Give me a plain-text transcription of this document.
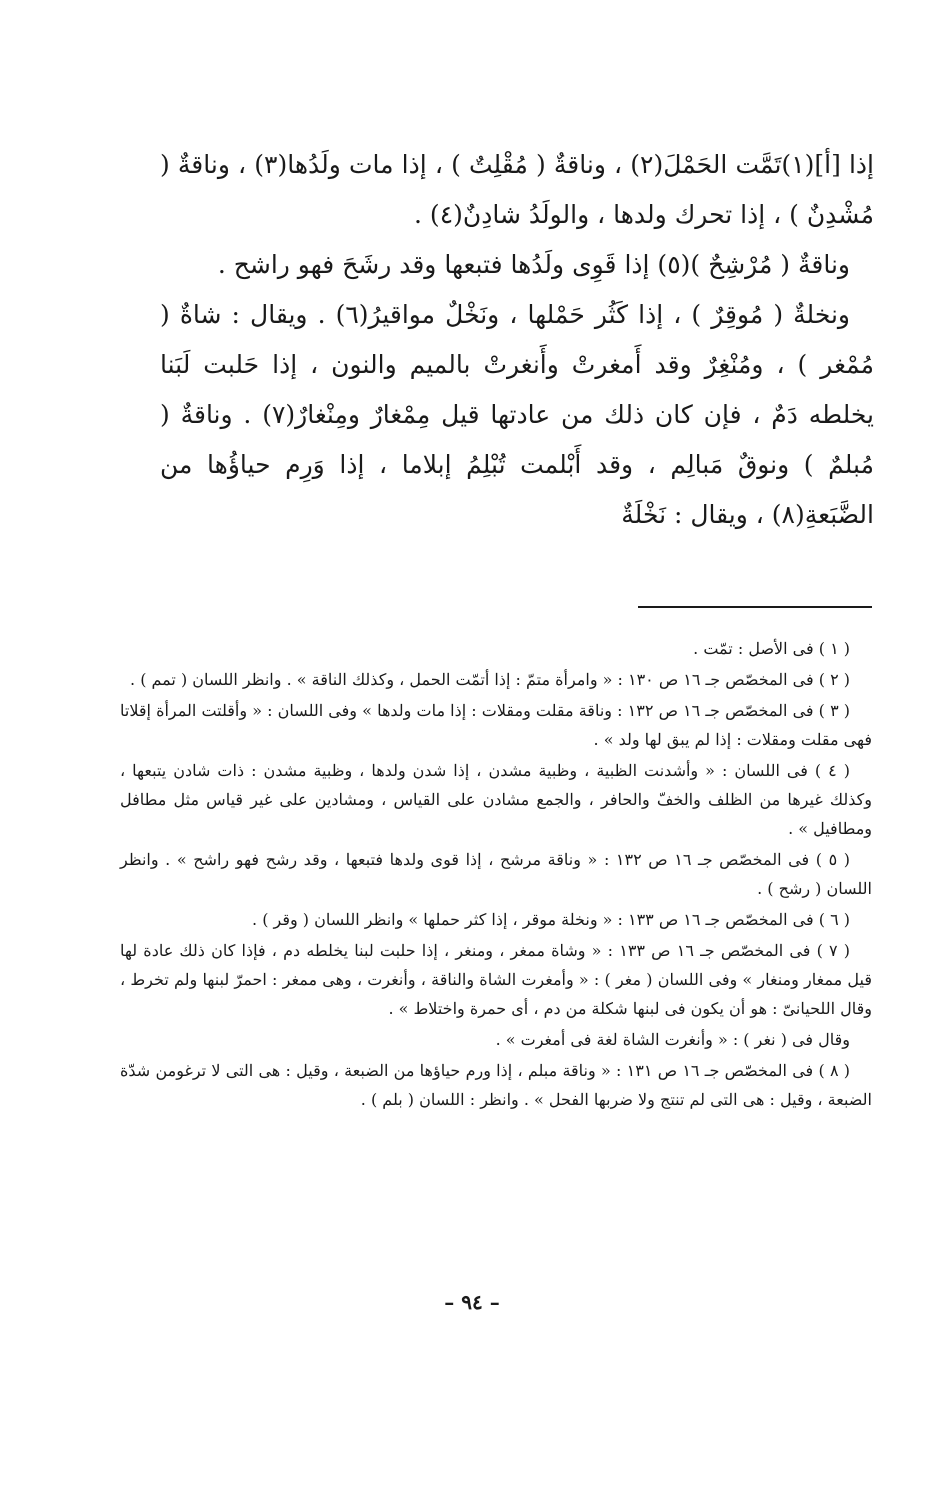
إذا [أ](١)تَمَّت الحَمْلَ(٢) ، وناقةٌ ( مُقْلِتٌ ) ، إذا مات ولَدُها(٣) ، وناقةٌ ( مُشْدِنٌ ) ، إذا تحرك ولدها ، والولَدُ شادِنٌ(٤) .

وناقةٌ ( مُرْشِحٌ )(٥) إذا قَوِى ولَدُها فتبعها وقد رشَحَ فهو راشح .

ونخلةٌ ( مُوقِرٌ ) ، إذا كَثُر حَمْلها ، ونَخْلٌ مواقيرُ(٦) . ويقال : شاةٌ ( مُمْغر ) ، ومُنْغِرٌ وقد أَمغرتْ وأَنغرتْ بالميم والنون ، إذا حَلبت لَبَنا يخلطه دَمٌ ، فإن كان ذلك من عادتها قيل مِمْغارٌ ومِنْغارٌ(٧) . وناقةٌ ( مُبلمٌ ) ونوقٌ مَبالِم ، وقد أَبْلمت تُبْلِمُ إبلاما ، إذا وَرِم حياؤُها من الضَّبَعةِ(٨) ، ويقال : نَخْلَةٌ

( ١ ) فى الأصل : تمّت .

( ٢ ) فى المخصّص جـ ١٦ ص ١٣٠ : « وامرأة متمّ : إذا أتمّت الحمل ، وكذلك الناقة » . وانظر اللسان ( تمم ) .

( ٣ ) فى المخصّص جـ ١٦ ص ١٣٢ : وناقة مقلت ومقلات : إذا مات ولدها » وفى اللسان : « وأقلتت المرأة إقلاتا فهى مقلت ومقلات : إذا لم يبق لها ولد » .

( ٤ ) فى اللسان : « وأشدنت الظبية ، وظبية مشدن ، إذا شدن ولدها ، وظبية مشدن : ذات شادن يتبعها ، وكذلك غيرها من الظلف والخفّ والحافر ، والجمع مشادن على القياس ، ومشادين على غير قياس مثل مطافل ومطافيل » .

( ٥ ) فى المخصّص جـ ١٦ ص ١٣٢ : « وناقة مرشح ، إذا قوى ولدها فتبعها ، وقد رشح فهو راشح » . وانظر اللسان ( رشح ) .

( ٦ ) فى المخصّص جـ ١٦ ص ١٣٣ : « ونخلة موقر ، إذا كثر حملها » وانظر اللسان ( وقر ) .

( ٧ ) فى المخصّص جـ ١٦ ص ١٣٣ : « وشاة ممغر ، ومنغر ، إذا حلبت لبنا يخلطه دم ، فإذا كان ذلك عادة لها قيل ممغار ومنغار » وفى اللسان ( مغر ) : « وأمغرت الشاة والناقة ، وأنغرت ، وهى ممغر : احمرّ لبنها ولم تخرط ، وقال اللحيانىّ : هو أن يكون فى لبنها شكلة من دم ، أى حمرة واختلاط » .

وقال فى ( نغر ) : « وأنغرت الشاة لغة فى أمغرت » .

( ٨ ) فى المخصّص جـ ١٦ ص ١٣١ : « وناقة مبلم ، إذا ورم حياؤها من الضبعة ، وقيل : هى التى لا ترغومن شدّة الضبعة ، وقيل : هى التى لم تنتج ولا ضربها الفحل » . وانظر : اللسان ( بلم ) .

– ٩٤ –
